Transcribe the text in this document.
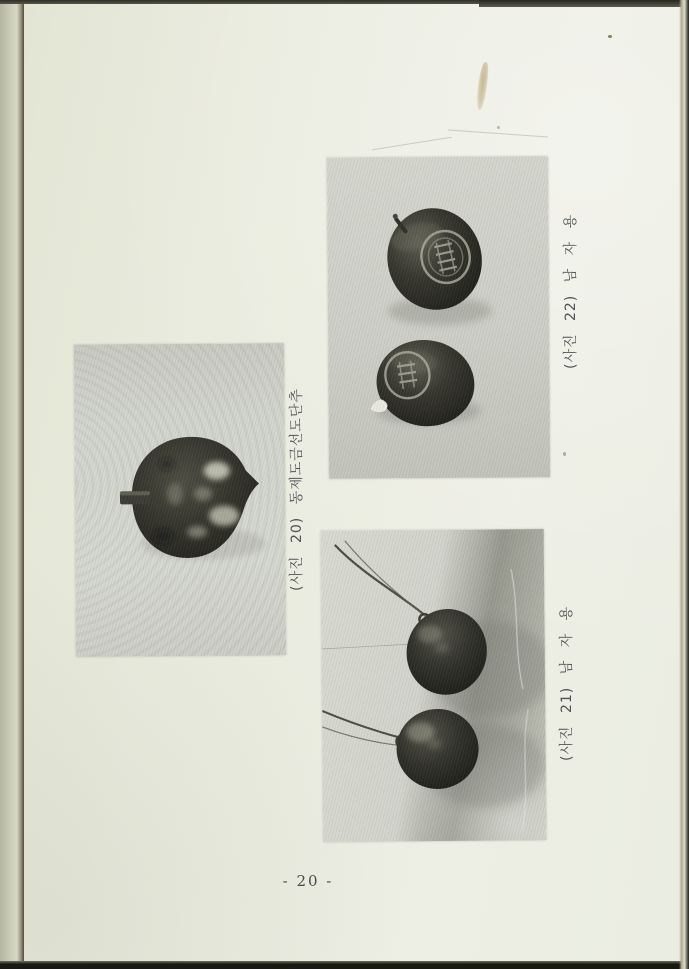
(사진 22) 남 자 용
(사진 20) 동제도금선도단추
(사진 21) 남 자 용
- 20 -
